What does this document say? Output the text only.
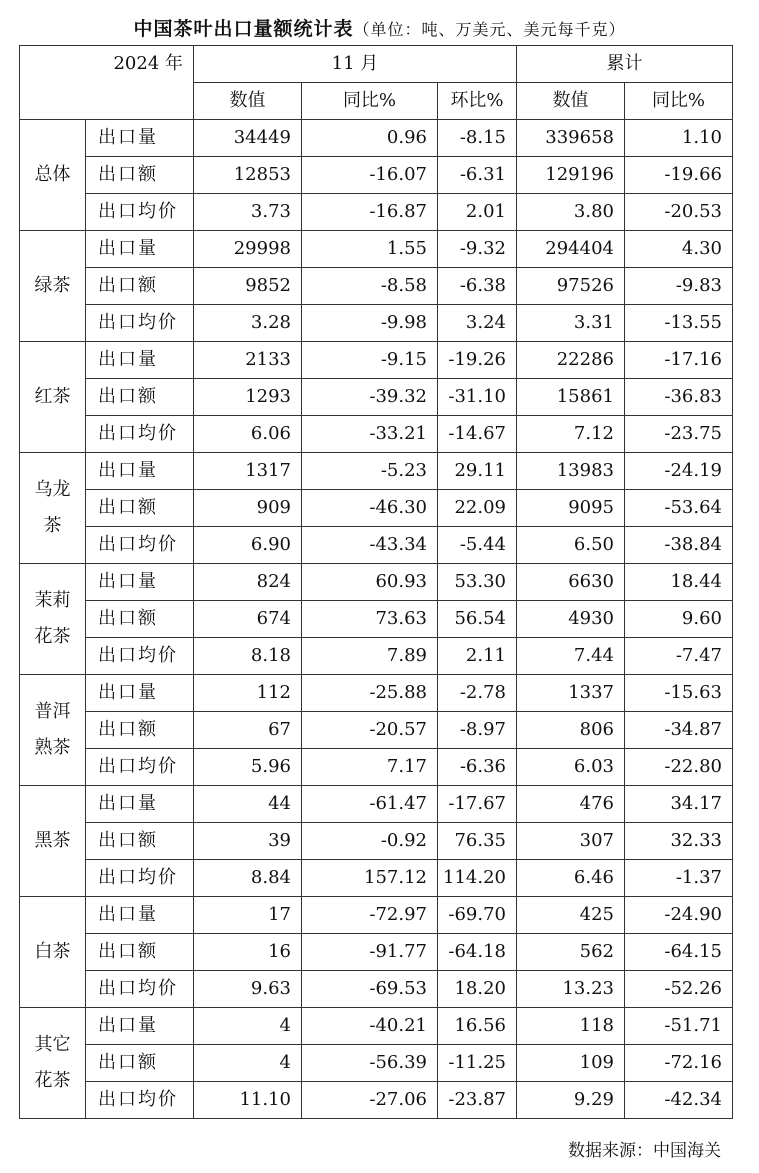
中国茶叶出口量额统计表（单位：吨、万美元、美元每千克）
2024 年		11 月			累计	
		数值	同比%	环比%	数值	同比%
总体	出口量	34449	0.96	-8.15	339658	1.10
	出口额	12853	-16.07	-6.31	129196	-19.66
	出口均价	3.73	-16.87	2.01	3.80	-20.53
绿茶	出口量	29998	1.55	-9.32	294404	4.30
	出口额	9852	-8.58	-6.38	97526	-9.83
	出口均价	3.28	-9.98	3.24	3.31	-13.55
红茶	出口量	2133	-9.15	-19.26	22286	-17.16
	出口额	1293	-39.32	-31.10	15861	-36.83
	出口均价	6.06	-33.21	-14.67	7.12	-23.75
乌龙
茶	出口量	1317	-5.23	29.11	13983	-24.19
	出口额	909	-46.30	22.09	9095	-53.64
	出口均价	6.90	-43.34	-5.44	6.50	-38.84
茉莉
花茶	出口量	824	60.93	53.30	6630	18.44
	出口额	674	73.63	56.54	4930	9.60
	出口均价	8.18	7.89	2.11	7.44	-7.47
普洱
熟茶	出口量	112	-25.88	-2.78	1337	-15.63
	出口额	67	-20.57	-8.97	806	-34.87
	出口均价	5.96	7.17	-6.36	6.03	-22.80
黑茶	出口量	44	-61.47	-17.67	476	34.17
	出口额	39	-0.92	76.35	307	32.33
	出口均价	8.84	157.12	114.20	6.46	-1.37
白茶	出口量	17	-72.97	-69.70	425	-24.90
	出口额	16	-91.77	-64.18	562	-64.15
	出口均价	9.63	-69.53	18.20	13.23	-52.26
其它
花茶	出口量	4	-40.21	16.56	118	-51.71
	出口额	4	-56.39	-11.25	109	-72.16
	出口均价	11.10	-27.06	-23.87	9.29	-42.34
数据来源：中国海关
